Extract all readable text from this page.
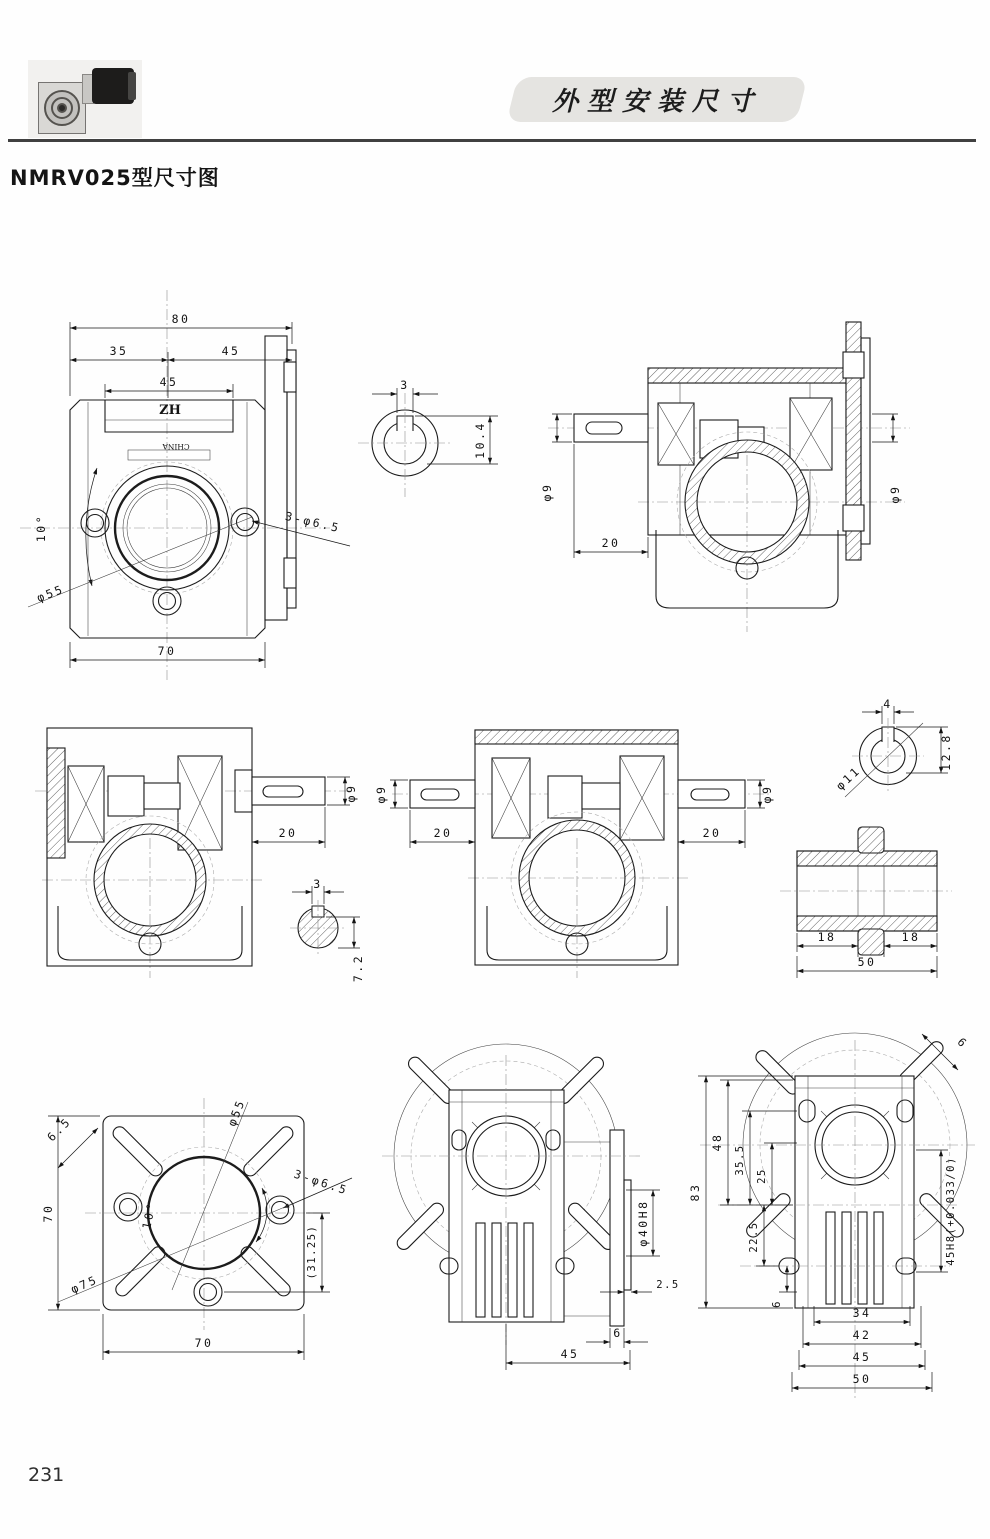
外型安装尺寸
NMRV025型尺寸图
231
ZH
CHINA
80
35	45
45
70
10°
φ55
3-φ6.5
3
10.4
φ9
20
φ9
φ9
20
3
7.2
φ9
20
φ9
20
φ11
4
12.8
18	18
50
6.5
φ55
3-φ6.5
10°
φ75
70
(31.25)
70
φ40H8
2.5
6
45
6
83
48
35.5
25
22.5
6
45H8(+0.033/0)
34
42
45
50
